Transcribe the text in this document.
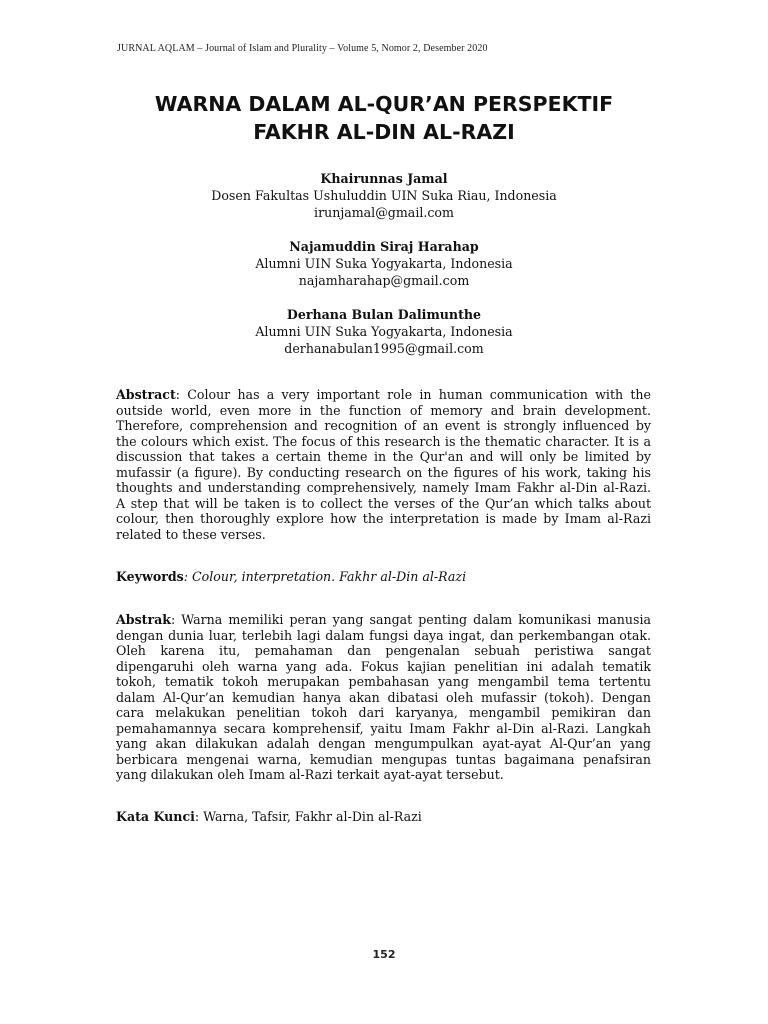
JURNAL AQLAM – Journal of Islam and Plurality – Volume 5, Nomor 2, Desember 2020
WARNA DALAM AL-QUR’AN PERSPEKTIF
FAKHR AL-DIN AL-RAZI
Khairunnas Jamal
Dosen Fakultas Ushuluddin UIN Suka Riau, Indonesia
irunjamal@gmail.com
Najamuddin Siraj Harahap
Alumni UIN Suka Yogyakarta, Indonesia
najamharahap@gmail.com
Derhana Bulan Dalimunthe
Alumni UIN Suka Yogyakarta, Indonesia
derhanabulan1995@gmail.com
Abstract: Colour has a very important role in human communication with the
outside world, even more in the function of memory and brain development.
Therefore, comprehension and recognition of an event is strongly influenced by
the colours which exist. The focus of this research is the thematic character. It is a
discussion that takes a certain theme in the Qur'an and will only be limited by
mufassir (a figure). By conducting research on the figures of his work, taking his
thoughts and understanding comprehensively, namely Imam Fakhr al-Din al-Razi.
A step that will be taken is to collect the verses of the Qur’an which talks about
colour, then thoroughly explore how the interpretation is made by Imam al-Razi
related to these verses.
Keywords: Colour, interpretation. Fakhr al-Din al-Razi
Abstrak: Warna memiliki peran yang sangat penting dalam komunikasi manusia
dengan dunia luar, terlebih lagi dalam fungsi daya ingat, dan perkembangan otak.
Oleh karena itu, pemahaman dan pengenalan sebuah peristiwa sangat
dipengaruhi oleh warna yang ada. Fokus kajian penelitian ini adalah tematik
tokoh, tematik tokoh merupakan pembahasan yang mengambil tema tertentu
dalam Al-Qur’an kemudian hanya akan dibatasi oleh mufassir (tokoh). Dengan
cara melakukan penelitian tokoh dari karyanya, mengambil pemikiran dan
pemahamannya secara komprehensif, yaitu Imam Fakhr al-Din al-Razi. Langkah
yang akan dilakukan adalah dengan mengumpulkan ayat-ayat Al-Qur’an yang
berbicara mengenai warna, kemudian mengupas tuntas bagaimana penafsiran
yang dilakukan oleh Imam al-Razi terkait ayat-ayat tersebut.
Kata Kunci: Warna, Tafsir, Fakhr al-Din al-Razi
152
